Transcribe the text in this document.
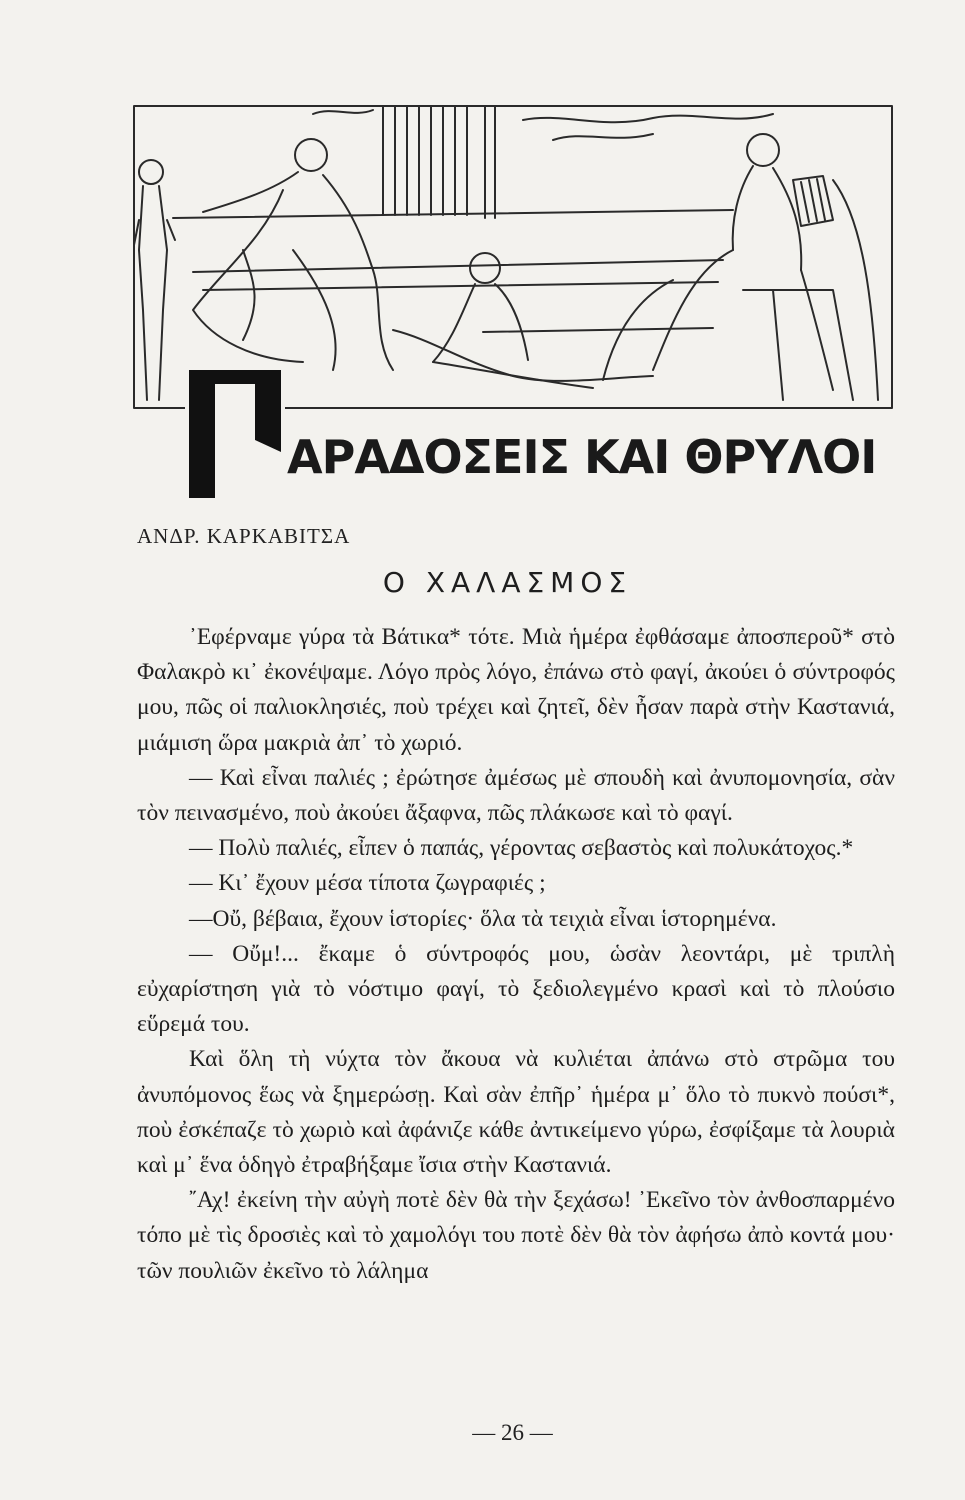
ΑΡΑΔΟΣΕΙΣ ΚΑΙ ΘΡΥΛΟΙ
ΑΝΔΡ. ΚΑΡΚΑΒΙΤΣΑ
Ο ΧΑΛΑΣΜΟΣ

᾿Εφέρναμε γύρα τὰ Βάτικα* τότε. Μιὰ ἡμέρα ἐφθάσαμε ἀποσπεροῦ* στὸ Φαλακρὸ κι᾿ ἐκονέψαμε. Λόγο πρὸς λόγο, ἐπάνω στὸ φαγί, ἀκούει ὁ σύντροφός μου, πῶς οἱ παλιοκλησιές, ποὺ τρέχει καὶ ζητεῖ, δὲν ἦσαν παρὰ στὴν Καστανιά, μιάμιση ὥρα μακριὰ ἀπ᾿ τὸ χωριό.

— Καὶ εἶναι παλιές ; ἐρώτησε ἀμέσως μὲ σπουδὴ καὶ ἀνυπομονησία, σὰν τὸν πεινασμένο, ποὺ ἀκούει ἄξαφνα, πῶς πλάκωσε καὶ τὸ φαγί.

— Πολὺ παλιές, εἶπεν ὁ παπάς, γέροντας σεβαστὸς καὶ πολυκάτοχος.*

— Κι᾿ ἔχουν μέσα τίποτα ζωγραφιές ;

—Οὔ, βέβαια, ἔχουν ἱστορίες· ὅλα τὰ τειχιὰ εἶναι ἱστορημένα.

— Οὔμ!... ἔκαμε ὁ σύντροφός μου, ὡσὰν λεοντάρι, μὲ τριπλὴ εὐχαρίστηση γιὰ τὸ νόστιμο φαγί, τὸ ξεδιολεγμένο κρασὶ καὶ τὸ πλούσιο εὕρεμά του.

Καὶ ὅλη τὴ νύχτα τὸν ἄκουα νὰ κυλιέται ἀπάνω στὸ στρῶμα του ἀνυπόμονος ἕως νὰ ξημερώσῃ. Καὶ σὰν ἐπῆρ᾿ ἡμέρα μ᾿ ὅλο τὸ πυκνὸ πούσι*, ποὺ ἐσκέπαζε τὸ χωριὸ καὶ ἀφάνιζε κάθε ἀντικείμενο γύρω, ἐσφίξαμε τὰ λουριὰ καὶ μ᾿ ἕνα ὁδηγὸ ἐτραβήξαμε ἴσια στὴν Καστανιά.

῎Αχ! ἐκείνη τὴν αὐγὴ ποτὲ δὲν θὰ τὴν ξεχάσω! ᾿Εκεῖνο τὸν ἀνθοσπαρμένο τόπο μὲ τὶς δροσιὲς καὶ τὸ χαμολόγι του ποτὲ δὲν θὰ τὸν ἀφήσω ἀπὸ κοντά μου· τῶν πουλιῶν ἐκεῖνο τὸ λάλημα

— 26 —
